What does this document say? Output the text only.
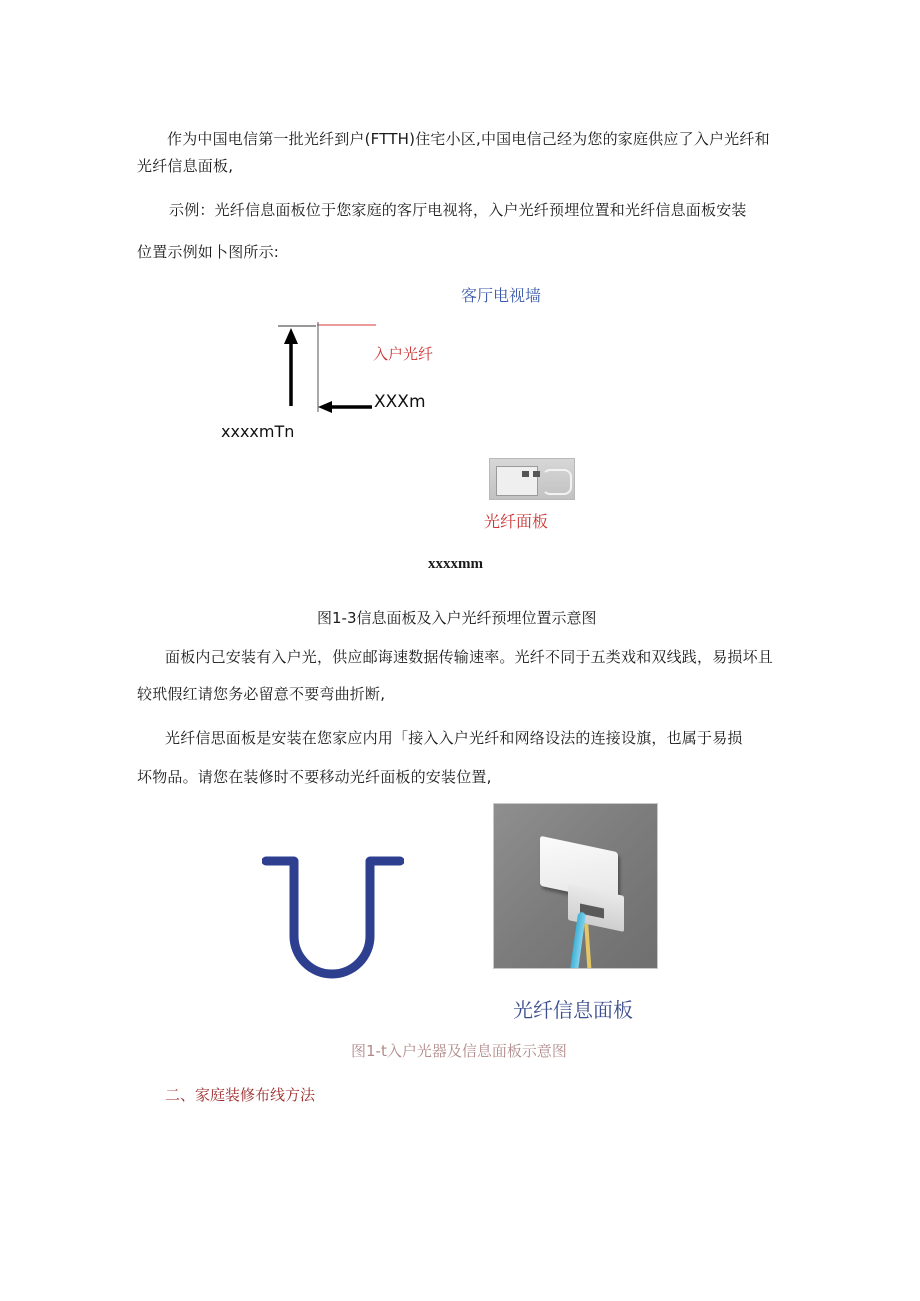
作为中国电信第一批光纤到户(FTTH)住宅小区,中国电信己经为您的家庭供应了入户光纤和
光纤信息面板,
示例：光纤信息面板位于您家庭的客厅电视将，入户光纤预埋位置和光纤信息面板安装
位置示例如卜图所示:
客厅电视墙
入户光纤
XXXm
xxxxmTn
光纤面板
xxxxmm
图1-3信息面板及入户光纤预埋位置示意图
面板内己安装有入户光，供应邮诲速数据传输速率。光纤不同于五类戏和双线践，易损坏且
较玳假红请您务必留意不要弯曲折断,
光纤信思面板是安装在您家应内用「接入入户光纤和网络设法的连接设旗，也属于易损
坏物品。请您在装修时不要移动光纤面板的安装位置,
光纤信息面板
图1-t入户光器及信息面板示意图
二、家庭装修布线方法
